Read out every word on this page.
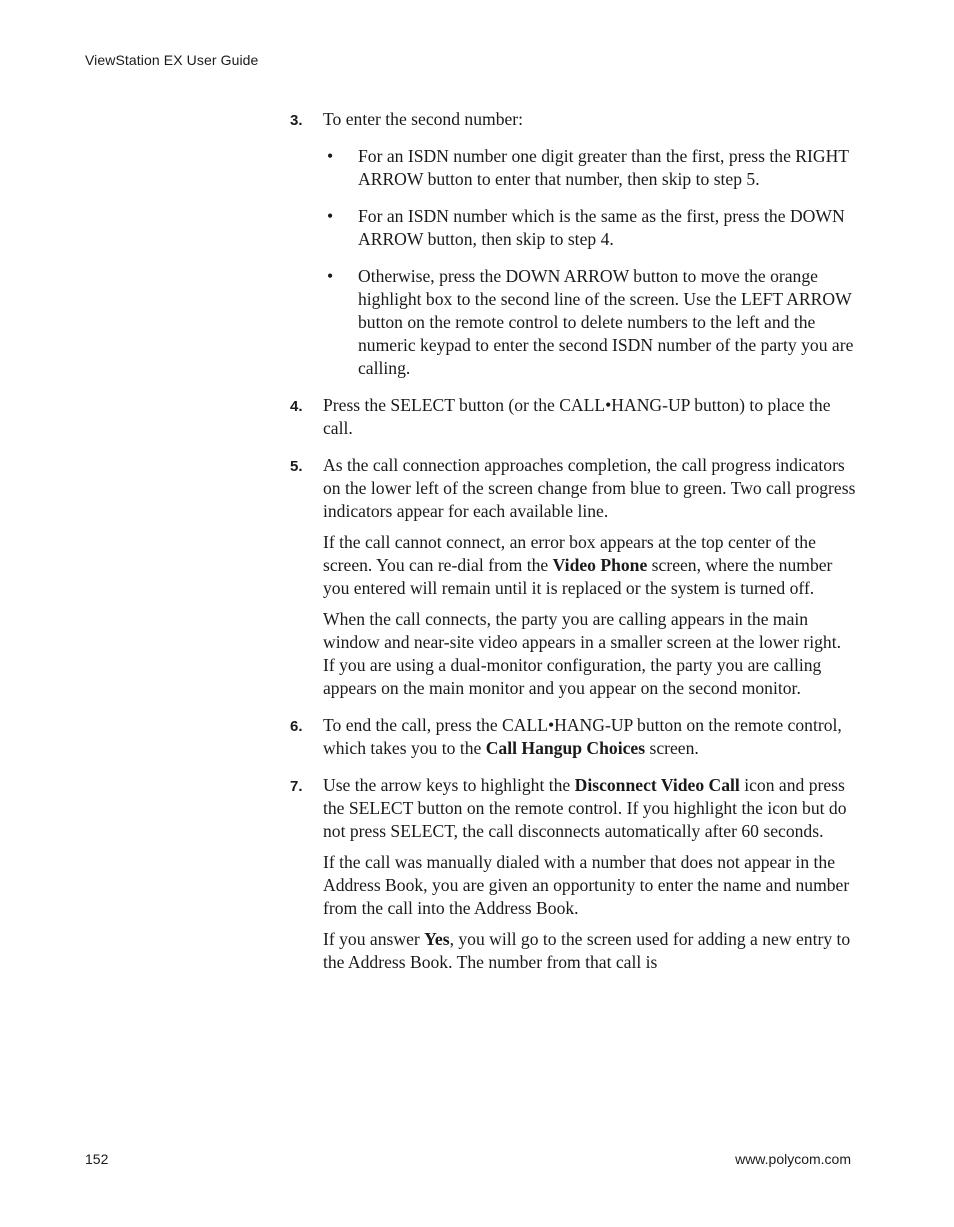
ViewStation EX User Guide
3. To enter the second number:

• For an ISDN number one digit greater than the first, press the RIGHT ARROW button to enter that number, then skip to step 5.
• For an ISDN number which is the same as the first, press the DOWN ARROW button, then skip to step 4.
• Otherwise, press the DOWN ARROW button to move the orange highlight box to the second line of the screen. Use the LEFT ARROW button on the remote control to delete numbers to the left and the numeric keypad to enter the second ISDN number of the party you are calling.
4. Press the SELECT button (or the CALL•HANG-UP button) to place the call.

5. As the call connection approaches completion, the call progress indicators on the lower left of the screen change from blue to green. Two call progress indicators appear for each available line.

If the call cannot connect, an error box appears at the top center of the screen. You can re-dial from the Video Phone screen, where the number you entered will remain until it is replaced or the system is turned off.

When the call connects, the party you are calling appears in the main window and near-site video appears in a smaller screen at the lower right. If you are using a dual-monitor configuration, the party you are calling appears on the main monitor and you appear on the second monitor.

6. To end the call, press the CALL•HANG-UP button on the remote control, which takes you to the Call Hangup Choices screen.

7. Use the arrow keys to highlight the Disconnect Video Call icon and press the SELECT button on the remote control. If you highlight the icon but do not press SELECT, the call disconnects automatically after 60 seconds.

If the call was manually dialed with a number that does not appear in the Address Book, you are given an opportunity to enter the name and number from the call into the Address Book.

If you answer Yes, you will go to the screen used for adding a new entry to the Address Book. The number from that call is

152	www.polycom.com
